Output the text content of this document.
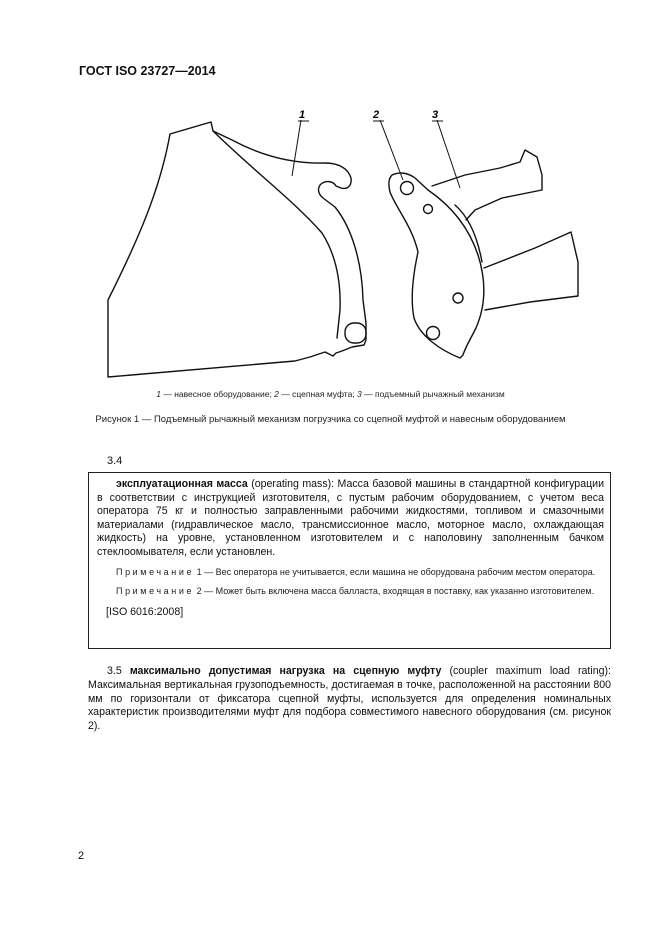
ГОСТ ISO 23727—2014
1	2	3
1 — навесное оборудование; 2 — сцепная муфта; 3 — подъемный рычажный механизм
Рисунок 1 — Подъемный рычажный механизм погрузчика со сцепной муфтой и навесным оборудованием
3.4

эксплуатационная масса (operating mass): Масса базовой машины в стандартной конфигурации в соответствии с инструкцией изготовителя, с пустым рабочим оборудованием, с учетом веса оператора 75 кг и полностью заправленными рабочими жидкостями, топливом и смазочными материалами (гидравлическое масло, трансмиссионное масло, моторное масло, охлаждающая жидкость) на уровне, установленном изготовителем и с наполовину заполненным бачком стеклоомывателя, если установлен.

Примечание 1 — Вес оператора не учитывается, если машина не оборудована рабочим местом оператора.

Примечание 2 — Может быть включена масса балласта, входящая в поставку, как указанно изготовителем.

[ISO 6016:2008]

3.5 максимально допустимая нагрузка на сцепную муфту (coupler maximum load rating): Максимальная вертикальная грузоподъемность, достигаемая в точке, расположенной на расстоянии 800 мм по горизонтали от фиксатора сцепной муфты, используется для определения номинальных характеристик производителями муфт для подбора совместимого навесного оборудования (см. рисунок 2).
2
